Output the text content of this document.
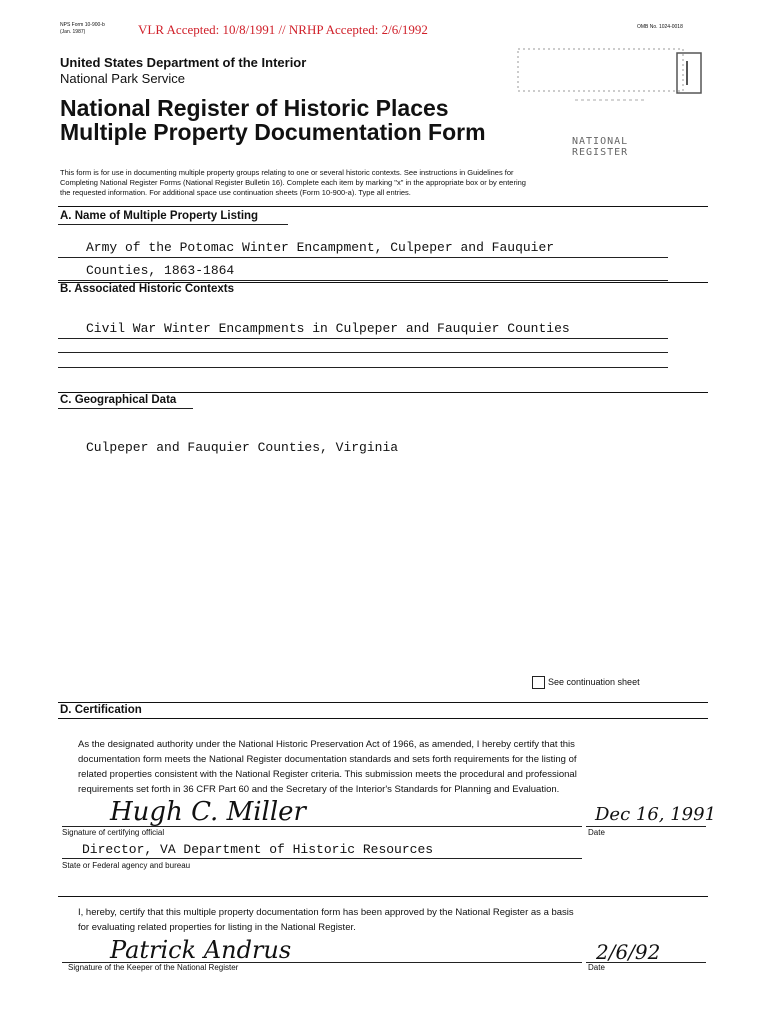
NPS Form 10-900-b
(Jan. 1987)	VLR Accepted: 10/8/1991 // NRHP Accepted: 2/6/1992	OMB No. 1024-0018
United States Department of the Interior
National Park Service
National Register of Historic Places
Multiple Property Documentation Form	NATIONAL
REGISTER
This form is for use in documenting multiple property groups relating to one or several historic contexts. See instructions in Guidelines for
Completing National Register Forms (National Register Bulletin 16). Complete each item by marking "x" in the appropriate box or by entering
the requested information. For additional space use continuation sheets (Form 10-900-a). Type all entries.
A. Name of Multiple Property Listing
Army of the Potomac Winter Encampment, Culpeper and Fauquier
Counties, 1863-1864
B. Associated Historic Contexts
Civil War Winter Encampments in Culpeper and Fauquier Counties
C. Geographical Data
Culpeper and Fauquier Counties, Virginia
See continuation sheet
D. Certification
As the designated authority under the National Historic Preservation Act of 1966, as amended, I hereby certify that this
documentation form meets the National Register documentation standards and sets forth requirements for the listing of
related properties consistent with the National Register criteria. This submission meets the procedural and professional
requirements set forth in 36 CFR Part 60 and the Secretary of the Interior's Standards for Planning and Evaluation.
Hugh C. Miller	Dec 16, 1991
Signature of certifying official	Date
Director, VA Department of Historic Resources
State or Federal agency and bureau
I, hereby, certify that this multiple property documentation form has been approved by the National Register as a basis
for evaluating related properties for listing in the National Register.
Patrick Andrus	2/6/92
Signature of the Keeper of the National Register	Date
